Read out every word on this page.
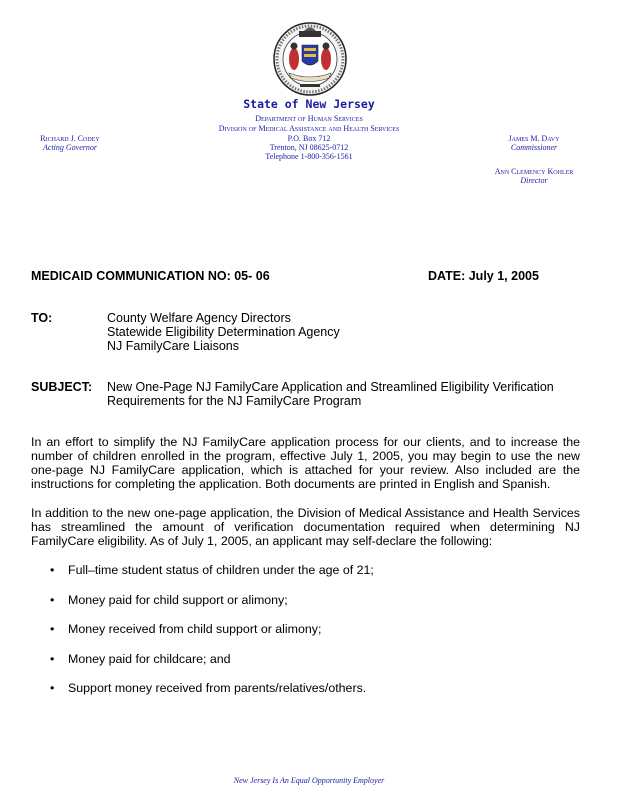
State of New Jersey
Department of Human Services
Division of Medical Assistance and Health Services
P.O. Box 712
Trenton, NJ 08625-0712
Telephone 1-800-356-1561
Richard J. Codey
Acting Governor
James M. Davy
Commissioner
Ann Clemency Kohler
Director
MEDICAID COMMUNICATION NO: 05- 06	DATE: July 1, 2005
TO:	County Welfare Agency Directors
Statewide Eligibility Determination Agency
NJ FamilyCare Liaisons
SUBJECT: New One-Page NJ FamilyCare Application and Streamlined Eligibility Verification
Requirements for the NJ FamilyCare Program
In an effort to simplify the NJ FamilyCare application process for our clients, and to increase the number of children enrolled in the program, effective July 1, 2005, you may begin to use the new one-page NJ FamilyCare application, which is attached for your review. Also included are the instructions for completing the application. Both documents are printed in English and Spanish.
In addition to the new one-page application, the Division of Medical Assistance and Health Services has streamlined the amount of verification documentation required when determining NJ FamilyCare eligibility. As of July 1, 2005, an applicant may self-declare the following:
• Full–time student status of children under the age of 21;
• Money paid for child support or alimony;
• Money received from child support or alimony;
• Money paid for childcare; and
• Support money received from parents/relatives/others.
New Jersey Is An Equal Opportunity Employer
